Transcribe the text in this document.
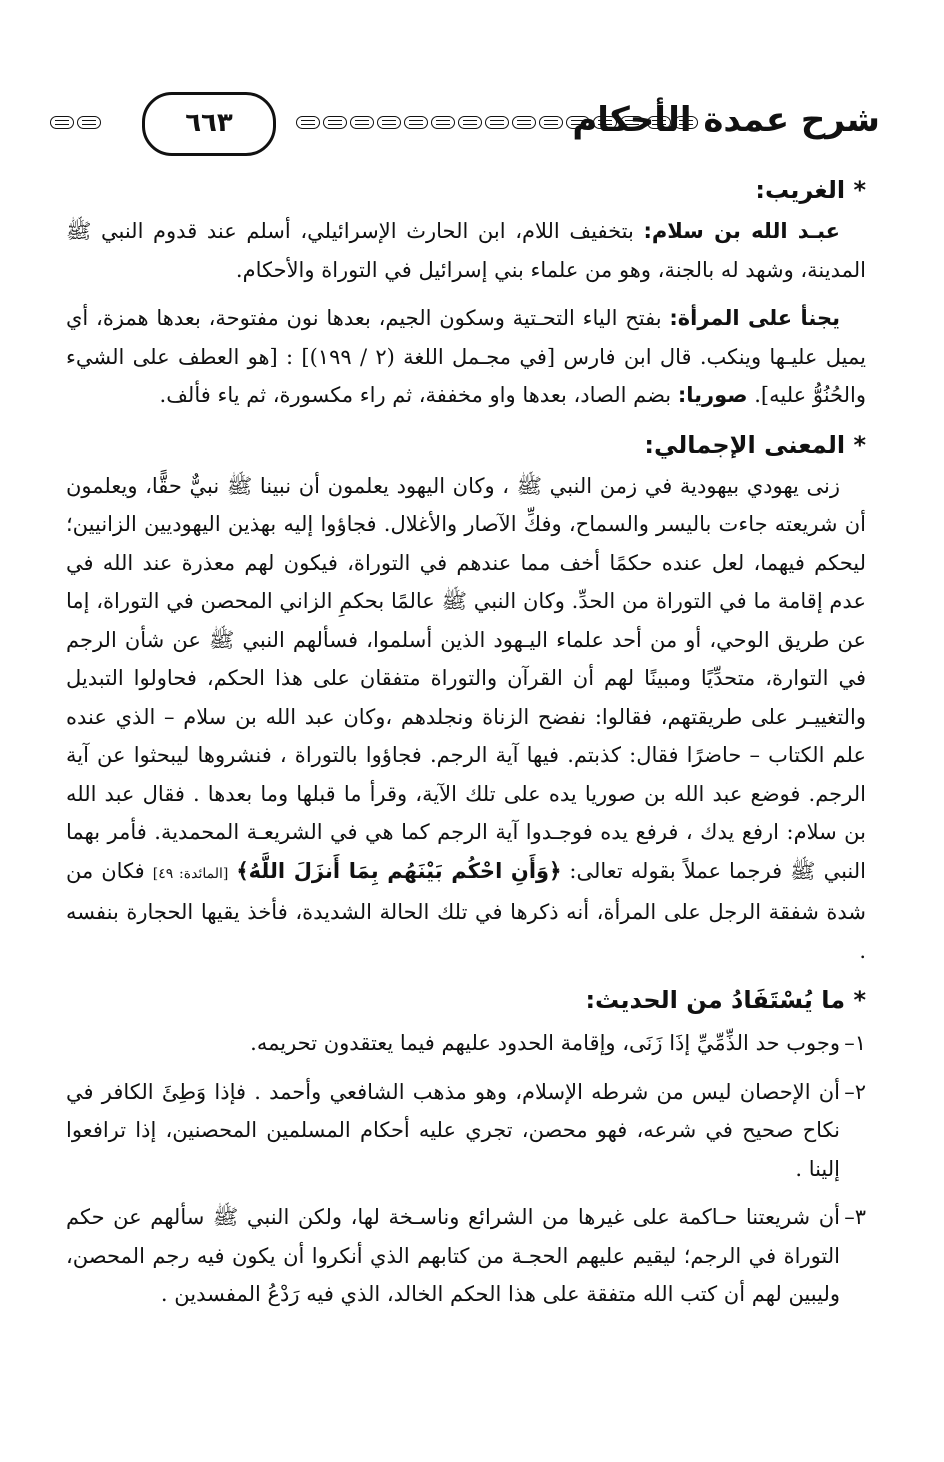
٦٦٣	شرح عمدة الأحكام
* الغريب:

عبـد الله بن سلام: بتخفيف اللام، ابن الحارث الإسرائيلي، أسلم عند قدوم النبي ﷺ المدينة، وشهد له بالجنة، وهو من علماء بني إسرائيل في التوراة والأحكام.

يجنأ على المرأة: بفتح الياء التحـتية وسكون الجيم، بعدها نون مفتوحة، بعدها همزة، أي يميل عليـها وينكب. قال ابن فارس [في مجـمل اللغة (٢ / ١٩٩)] : [هو العطف على الشيء والحُنُوُّ عليه]. صوريا: بضم الصاد، بعدها واو مخففة، ثم راء مكسورة، ثم ياء فألف.

* المعنى الإجمالي:

زنى يهودي بيهودية في زمن النبي ﷺ ، وكان اليهود يعلمون أن نبينا ﷺ نبيٌّ حقًّا، ويعلمون أن شريعته جاءت باليسر والسماح، وفكِّ الآصار والأغلال. فجاؤوا إليه بهذين اليهوديين الزانيين؛ ليحكم فيهما، لعل عنده حكمًا أخف مما عندهم في التوراة، فيكون لهم معذرة عند الله في عدم إقامة ما في التوراة من الحدِّ. وكان النبي ﷺ عالمًا بحكمِ الزاني المحصن في التوراة، إما عن طريق الوحي، أو من أحد علماء اليـهود الذين أسلموا، فسألهم النبي ﷺ عن شأن الرجم في التوارة، متحدِّيًا ومبينًا لهم أن القرآن والتوراة متفقان على هذا الحكم، فحاولوا التبديل والتغييـر على طريقتهم، فقالوا: نفضح الزناة ونجلدهم ،وكان عبد الله بن سلام – الذي عنده علم الكتاب – حاضرًا فقال: كذبتم. فيها آية الرجم. فجاؤوا بالتوراة ، فنشروها ليبحثوا عن آية الرجم. فوضع عبد الله بن صوريا يده على تلك الآية، وقرأ ما قبلها وما بعدها . فقال عبد الله بن سلام: ارفع يدك ، فرفع يده فوجـدوا آية الرجم كما هي في الشريعـة المحمدية. فأمر بهما النبي ﷺ فرجما عملاً بقوله تعالى: ﴿وَأَنِ احْكُم بَيْنَهُم بِمَا أَنزَلَ اللَّهُ﴾ [المائدة: ٤٩] فكان من شدة شفقة الرجل على المرأة، أنه ذكرها في تلك الحالة الشديدة، فأخذ يقيها الحجارة بنفسه .

* ما يُسْتَفَادُ من الحديث:
١–وجوب حد الذِّمِّيِّ إذَا زَنَى، وإقامة الحدود عليهم فيما يعتقدون تحريمه.
٢–أن الإحصان ليس من شرطه الإسلام، وهو مذهب الشافعي وأحمد . فإذا وَطِئَ الكافر في نكاح صحيح في شرعه، فهو محصن، تجري عليه أحكام المسلمين المحصنين، إذا ترافعوا إلينا .
٣–أن شريعتنا حـاكمة على غيرها من الشرائع وناسـخة لها، ولكن النبي ﷺ سألهم عن حكم التوراة في الرجم؛ ليقيم عليهم الحجـة من كتابهم الذي أنكروا أن يكون فيه رجم المحصن، وليبين لهم أن كتب الله متفقة على هذا الحكم الخالد، الذي فيه رَدْعُ المفسدين .
